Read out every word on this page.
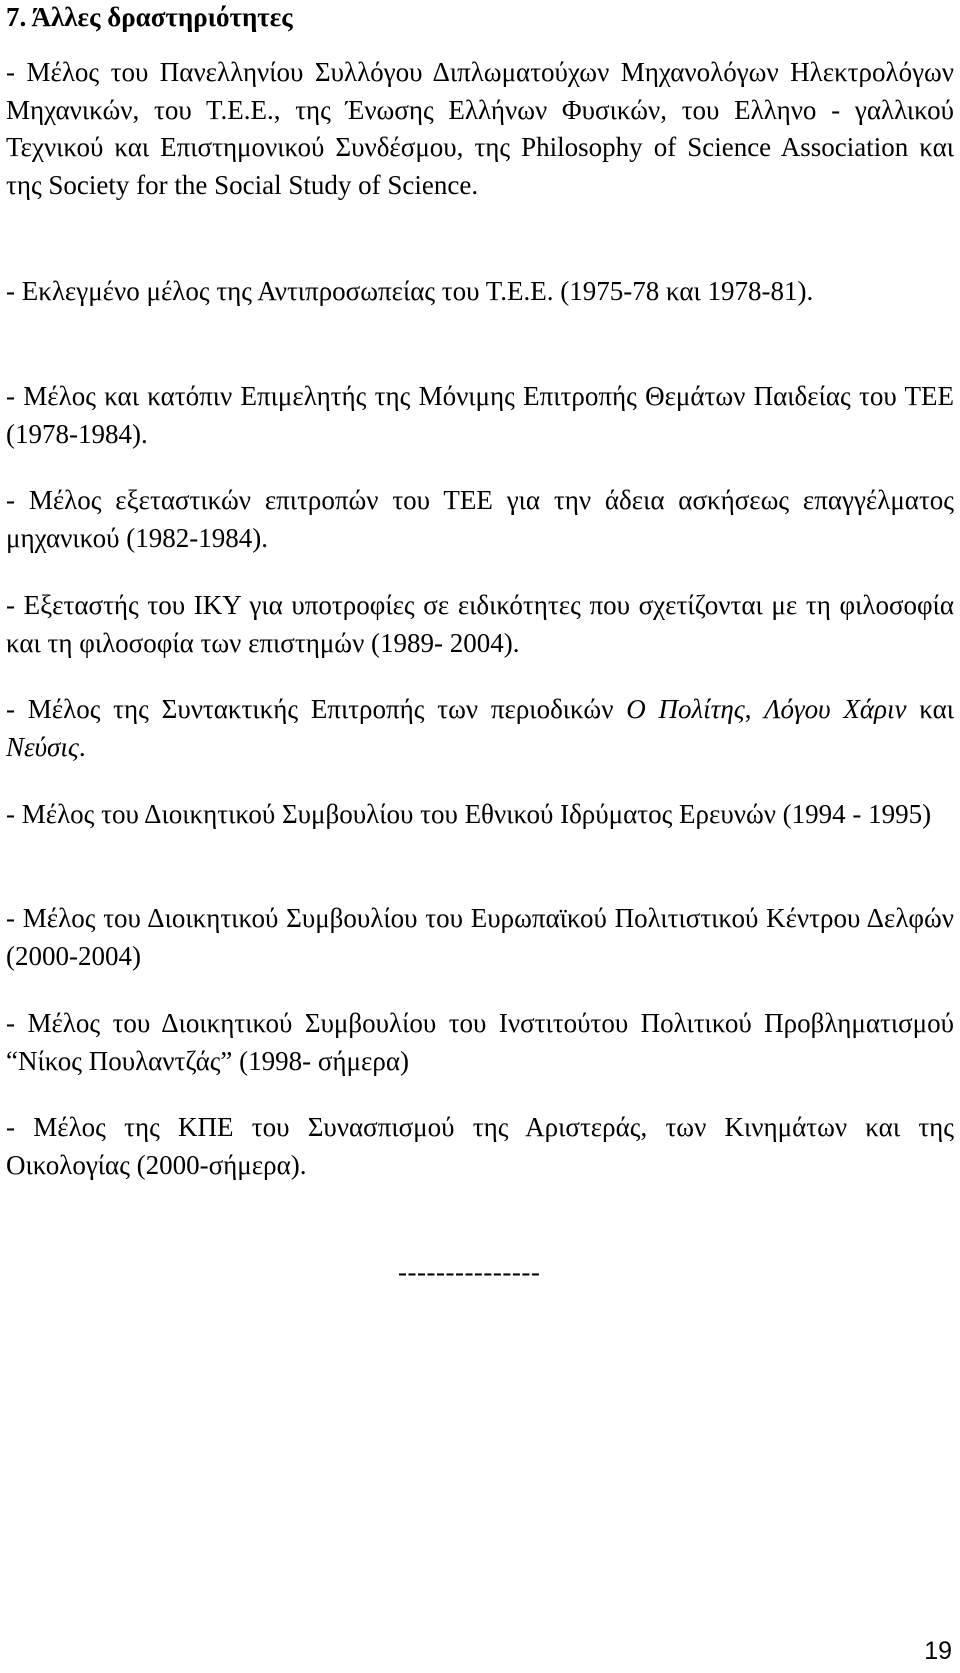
7. Άλλες δραστηριότητες

- Μέλος του Πανελληνίου Συλλόγου Διπλωματούχων Μηχανολόγων Ηλεκτρολόγων Μηχανικών, του Τ.Ε.Ε., της Ένωσης Ελλήνων Φυσικών, του Ελληνο - γαλλικού Τεχνικού και Επιστημονικού Συνδέσμου, της Philosophy of Science Association και της Society for the Social Study of Science.

- Εκλεγμένο μέλος της Αντιπροσωπείας του Τ.Ε.Ε. (1975-78 και 1978-81).

- Μέλος και κατόπιν Επιμελητής της Μόνιμης Επιτροπής Θεμάτων Παιδείας του ΤΕΕ (1978-1984).

- Μέλος εξεταστικών επιτροπών του ΤΕΕ για την άδεια ασκήσεως επαγγέλματος μηχανικού (1982-1984).

- Εξεταστής του ΙΚΥ για υποτροφίες σε ειδικότητες που σχετίζονται με τη φιλοσοφία και τη φιλοσοφία των επιστημών (1989- 2004).

- Μέλος της Συντακτικής Επιτροπής των περιοδικών Ο Πολίτης, Λόγου Χάριν και Νεύσις.

- Μέλος του Διοικητικού Συμβουλίου του Εθνικού Ιδρύματος Ερευνών (1994 - 1995)

- Μέλος του Διοικητικού Συμβουλίου του Ευρωπαϊκού Πολιτιστικού Κέντρου Δελφών (2000-2004)

- Μέλος του Διοικητικού Συμβουλίου του Ινστιτούτου Πολιτικού Προβληματισμού “Νίκος Πουλαντζάς” (1998- σήμερα)

- Μέλος της ΚΠΕ του Συνασπισμού της Αριστεράς, των Κινημάτων και της Οικολογίας (2000-σήμερα).

---------------
19
